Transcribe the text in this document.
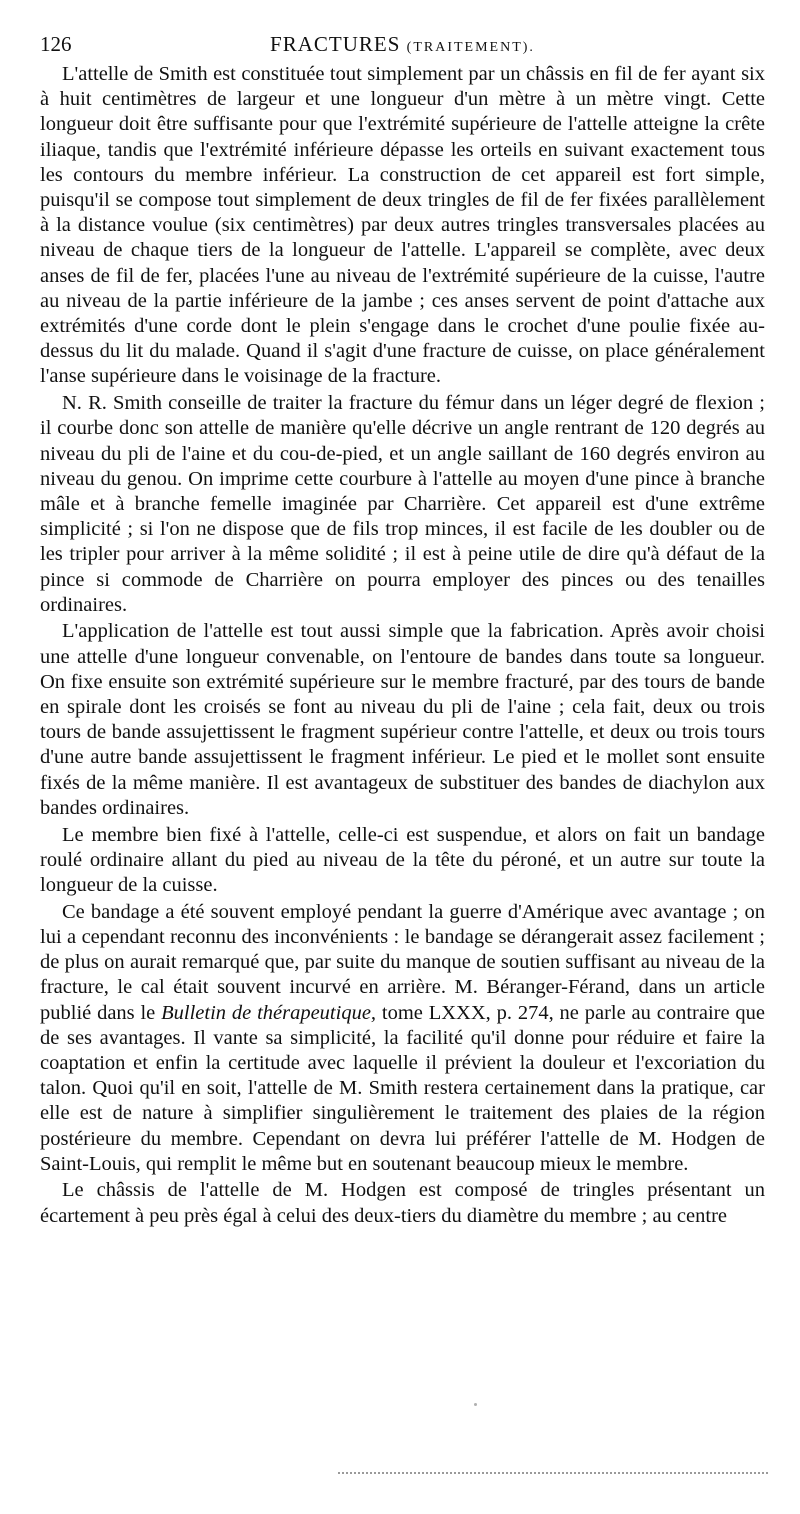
126	FRACTURES (TRAITEMENT).

L'attelle de Smith est constituée tout simplement par un châssis en fil de fer ayant six à huit centimètres de largeur et une longueur d'un mètre à un mètre vingt. Cette longueur doit être suffisante pour que l'extrémité supérieure de l'attelle atteigne la crête iliaque, tandis que l'extrémité inférieure dépasse les orteils en suivant exactement tous les contours du membre inférieur. La construction de cet appareil est fort simple, puisqu'il se compose tout simplement de deux tringles de fil de fer fixées parallèlement à la distance voulue (six centimètres) par deux autres tringles transversales placées au niveau de chaque tiers de la longueur de l'attelle. L'appareil se complète, avec deux anses de fil de fer, placées l'une au niveau de l'extrémité supérieure de la cuisse, l'autre au niveau de la partie inférieure de la jambe ; ces anses servent de point d'attache aux extrémités d'une corde dont le plein s'engage dans le crochet d'une poulie fixée au-dessus du lit du malade. Quand il s'agit d'une fracture de cuisse, on place généralement l'anse supérieure dans le voisinage de la fracture.

N. R. Smith conseille de traiter la fracture du fémur dans un léger degré de flexion ; il courbe donc son attelle de manière qu'elle décrive un angle rentrant de 120 degrés au niveau du pli de l'aine et du cou-de-pied, et un angle saillant de 160 degrés environ au niveau du genou. On imprime cette courbure à l'attelle au moyen d'une pince à branche mâle et à branche femelle imaginée par Charrière. Cet appareil est d'une extrême simplicité ; si l'on ne dispose que de fils trop minces, il est facile de les doubler ou de les tripler pour arriver à la même solidité ; il est à peine utile de dire qu'à défaut de la pince si commode de Charrière on pourra employer des pinces ou des tenailles ordinaires.

L'application de l'attelle est tout aussi simple que la fabrication. Après avoir choisi une attelle d'une longueur convenable, on l'entoure de bandes dans toute sa longueur. On fixe ensuite son extrémité supérieure sur le membre fracturé, par des tours de bande en spirale dont les croisés se font au niveau du pli de l'aine ; cela fait, deux ou trois tours de bande assujettissent le fragment supérieur contre l'attelle, et deux ou trois tours d'une autre bande assujettissent le fragment inférieur. Le pied et le mollet sont ensuite fixés de la même manière. Il est avantageux de substituer des bandes de diachylon aux bandes ordinaires.

Le membre bien fixé à l'attelle, celle-ci est suspendue, et alors on fait un bandage roulé ordinaire allant du pied au niveau de la tête du péroné, et un autre sur toute la longueur de la cuisse.

Ce bandage a été souvent employé pendant la guerre d'Amérique avec avantage ; on lui a cependant reconnu des inconvénients : le bandage se dérangerait assez facilement ; de plus on aurait remarqué que, par suite du manque de soutien suffisant au niveau de la fracture, le cal était souvent incurvé en arrière. M. Béranger-Férand, dans un article publié dans le Bulletin de thérapeutique, tome LXXX, p. 274, ne parle au contraire que de ses avantages. Il vante sa simplicité, la facilité qu'il donne pour réduire et faire la coaptation et enfin la certitude avec laquelle il prévient la douleur et l'excoriation du talon. Quoi qu'il en soit, l'attelle de M. Smith restera certainement dans la pratique, car elle est de nature à simplifier singulièrement le traitement des plaies de la région postérieure du membre. Cependant on devra lui préférer l'attelle de M. Hodgen de Saint-Louis, qui remplit le même but en soutenant beaucoup mieux le membre.

Le châssis de l'attelle de M. Hodgen est composé de tringles présentant un écartement à peu près égal à celui des deux-tiers du diamètre du membre ; au centre
